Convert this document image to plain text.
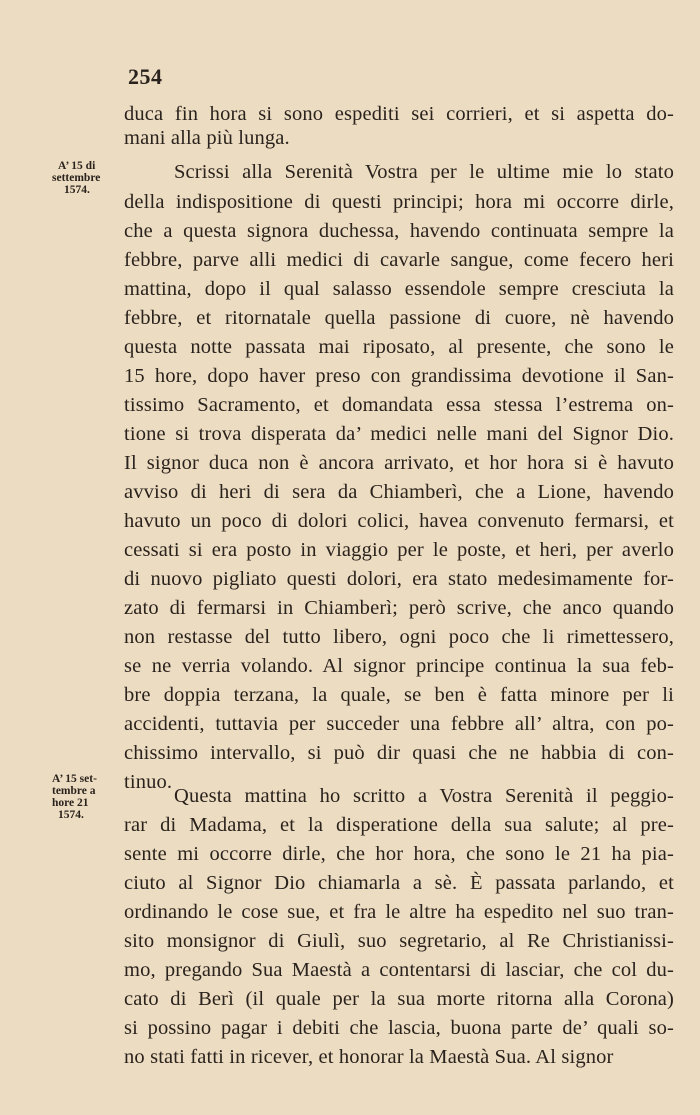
254
A’ 15 di
settembre
1574.
A’ 15 set-
tembre a
hore 21
1574.
duca fin hora si sono espediti sei corrieri, et si aspetta do-
mani alla più lunga.
Scrissi alla Serenità Vostra per le ultime mie lo stato
della indispositione di questi principi; hora mi occorre dirle,
che a questa signora duchessa, havendo continuata sempre la
febbre, parve alli medici di cavarle sangue, come fecero heri
mattina, dopo il qual salasso essendole sempre cresciuta la
febbre, et ritornatale quella passione di cuore, nè havendo
questa notte passata mai riposato, al presente, che sono le
15 hore, dopo haver preso con grandissima devotione il San-
tissimo Sacramento, et domandata essa stessa l’estrema on-
tione si trova disperata da’ medici nelle mani del Signor Dio.
Il signor duca non è ancora arrivato, et hor hora si è havuto
avviso di heri di sera da Chiamberì, che a Lione, havendo
havuto un poco di dolori colici, havea convenuto fermarsi, et
cessati si era posto in viaggio per le poste, et heri, per averlo
di nuovo pigliato questi dolori, era stato medesimamente for-
zato di fermarsi in Chiamberì; però scrive, che anco quando
non restasse del tutto libero, ogni poco che li rimettessero,
se ne verria volando. Al signor principe continua la sua feb-
bre doppia terzana, la quale, se ben è fatta minore per li
accidenti, tuttavia per succeder una febbre all’ altra, con po-
chissimo intervallo, si può dir quasi che ne habbia di con-
tinuo.
Questa mattina ho scritto a Vostra Serenità il peggio-
rar di Madama, et la disperatione della sua salute; al pre-
sente mi occorre dirle, che hor hora, che sono le 21 ha pia-
ciuto al Signor Dio chiamarla a sè. È passata parlando, et
ordinando le cose sue, et fra le altre ha espedito nel suo tran-
sito monsignor di Giulì, suo segretario, al Re Christianissi-
mo, pregando Sua Maestà a contentarsi di lasciar, che col du-
cato di Berì (il quale per la sua morte ritorna alla Corona)
si possino pagar i debiti che lascia, buona parte de’ quali so-
no stati fatti in ricever, et honorar la Maestà Sua. Al signor
